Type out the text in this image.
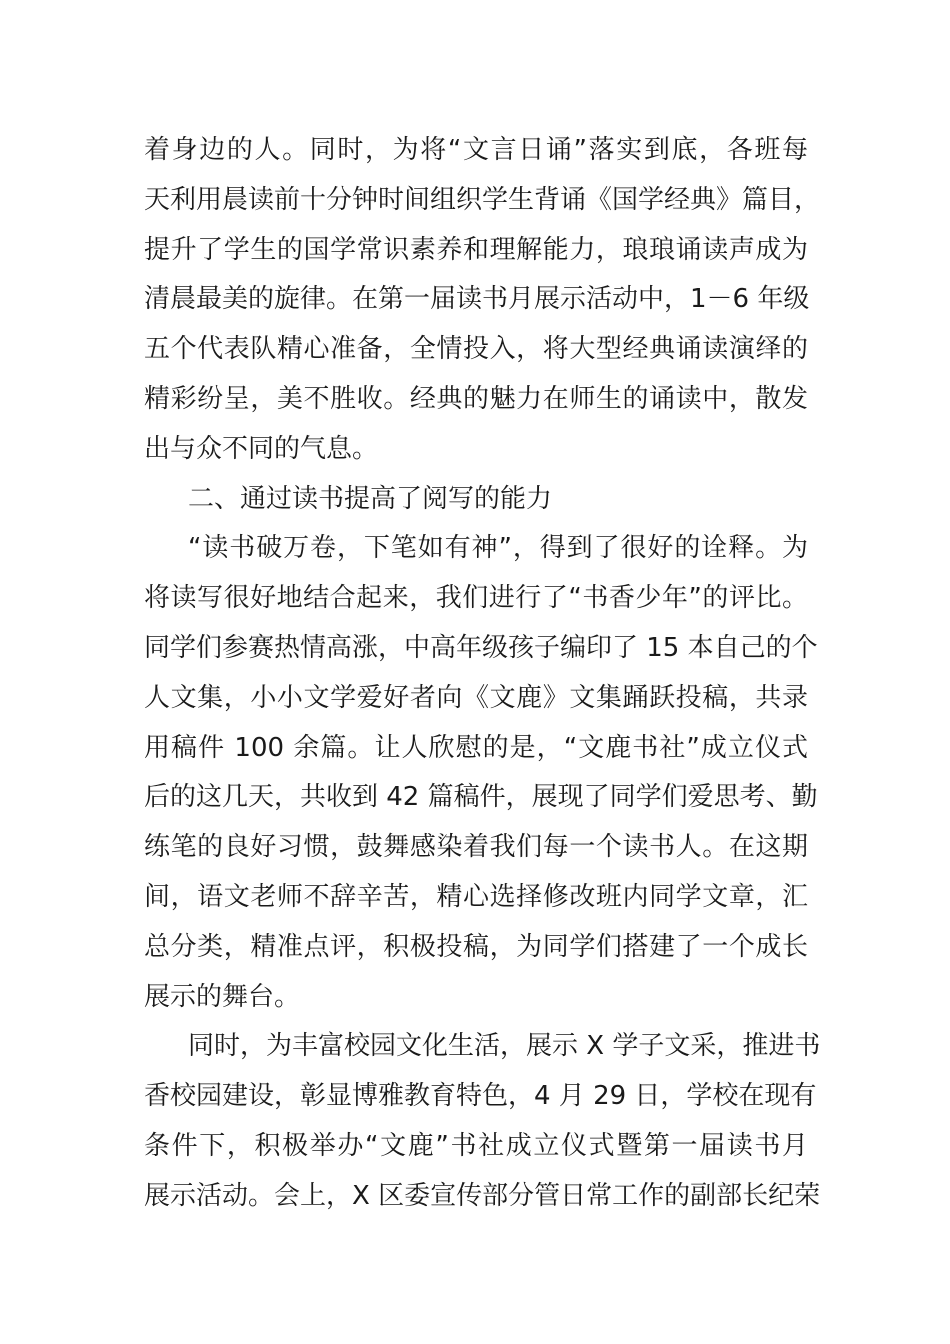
着身边的人。同时，为将“文言日诵”落实到底，各班每
天利用晨读前十分钟时间组织学生背诵《国学经典》篇目，
提升了学生的国学常识素养和理解能力，琅琅诵读声成为
清晨最美的旋律。在第一届读书月展示活动中，1－6 年级
五个代表队精心准备，全情投入，将大型经典诵读演绎的
精彩纷呈，美不胜收。经典的魅力在师生的诵读中，散发
出与众不同的气息。
二、通过读书提高了阅写的能力
“读书破万卷，下笔如有神”，得到了很好的诠释。为
将读写很好地结合起来，我们进行了“书香少年”的评比。
同学们参赛热情高涨，中高年级孩子编印了 15 本自己的个
人文集，小小文学爱好者向《文鹿》文集踊跃投稿，共录
用稿件 100 余篇。让人欣慰的是，“文鹿书社”成立仪式
后的这几天，共收到 42 篇稿件，展现了同学们爱思考、勤
练笔的良好习惯，鼓舞感染着我们每一个读书人。在这期
间，语文老师不辞辛苦，精心选择修改班内同学文章，汇
总分类，精准点评，积极投稿，为同学们搭建了一个成长
展示的舞台。
同时，为丰富校园文化生活，展示 X 学子文采，推进书
香校园建设，彰显博雅教育特色，4 月 29 日，学校在现有
条件下，积极举办“文鹿”书社成立仪式暨第一届读书月
展示活动。会上，X 区委宣传部分管日常工作的副部长纪荣
